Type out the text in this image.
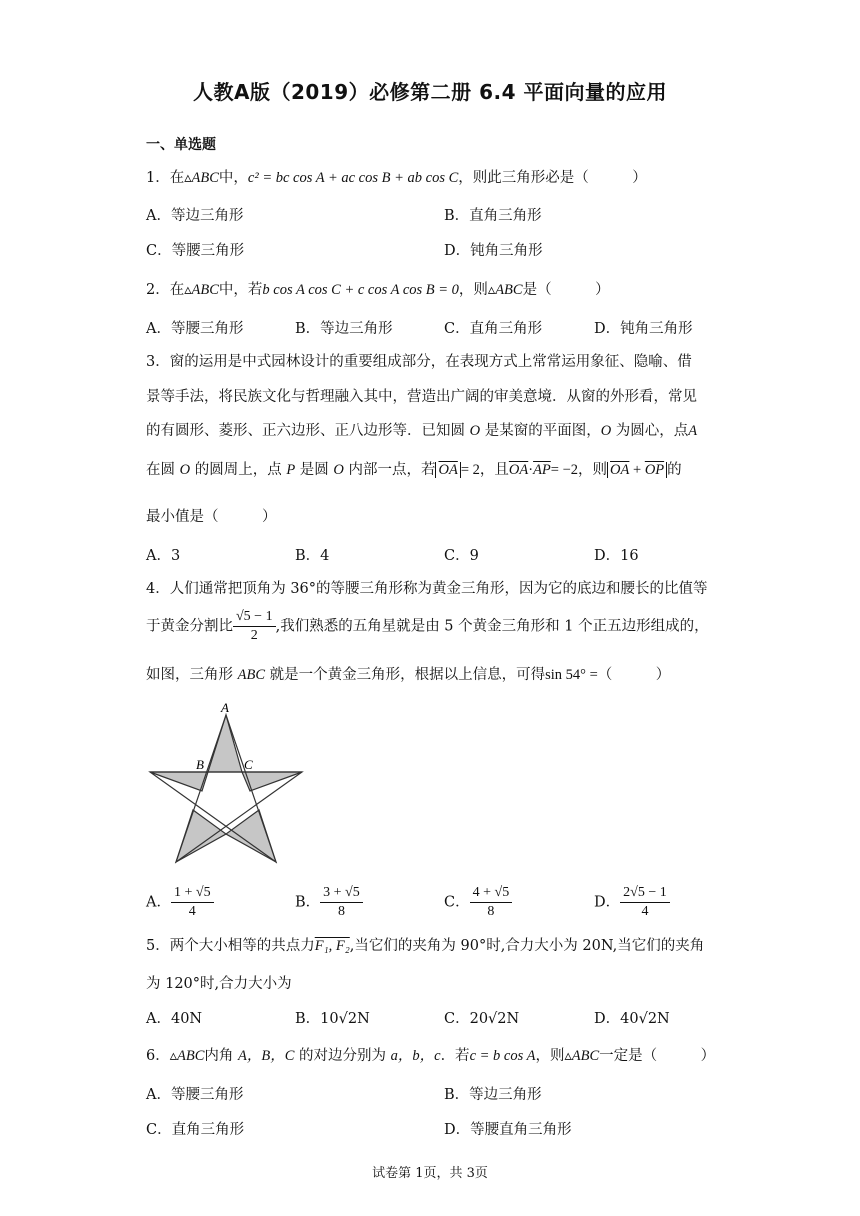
人教A版（2019）必修第二册 6.4 平面向量的应用
一、单选题
1．在▵ABC中，c² = bc cos A + ac cos B + ab cos C，则此三角形必是（　　　）
A．等边三角形	B．直角三角形
C．等腰三角形	D．钝角三角形
2．在▵ABC中，若b cos A cos C + c cos A cos B = 0，则▵ABC是（　　　）
A．等腰三角形	B．等边三角形	C．直角三角形	D．钝角三角形
3．窗的运用是中式园林设计的重要组成部分，在表现方式上常常运用象征、隐喻、借
景等手法，将民族文化与哲理融入其中，营造出广阔的审美意境．从窗的外形看，常见
的有圆形、菱形、正六边形、正八边形等．已知圆 O 是某窗的平面图，O 为圆心，点A
在圆 O 的圆周上，点 P 是圆 O 内部一点，若 $\overline{OA} = 2$，且$\overline{OA}\cdot\overline{AP}= -2$，则 $\overline{OA} + \overline{OP}$ 的
最小值是（　　　）
A．3	B．4	C．9	D．16
4．人们通常把顶角为 36°的等腰三角形称为黄金三角形，因为它的底边和腰长的比值等
于黄金分割比 $\frac{√5 - 1}{2}$ ,我们熟悉的五角星就是由 5 个黄金三角形和 1 个正五边形组成的，
如图，三角形 ABC 就是一个黄金三角形，根据以上信息，可得sin 54° =（　　　）
A
B	C
A． $\frac{1 + √5}{4}$	B． $\frac{3 + √5}{8}$	C． $\frac{4 + √5}{8}$	D． $\frac{2√5 - 1}{4}$
5．两个大小相等的共点力F₁, F₂,当它们的夹角为 90°时,合力大小为 20N,当它们的夹角
为 120°时,合力大小为
A．40N	B．10√2N	C．20√2N	D．40√2N
6．▵ABC内角 A，B，C 的对边分别为 a，b，c．若c = b cos A，则▵ABC一定是（　　　）
A．等腰三角形	B．等边三角形
C．直角三角形	D．等腰直角三角形
试卷第 1页，共 3页
